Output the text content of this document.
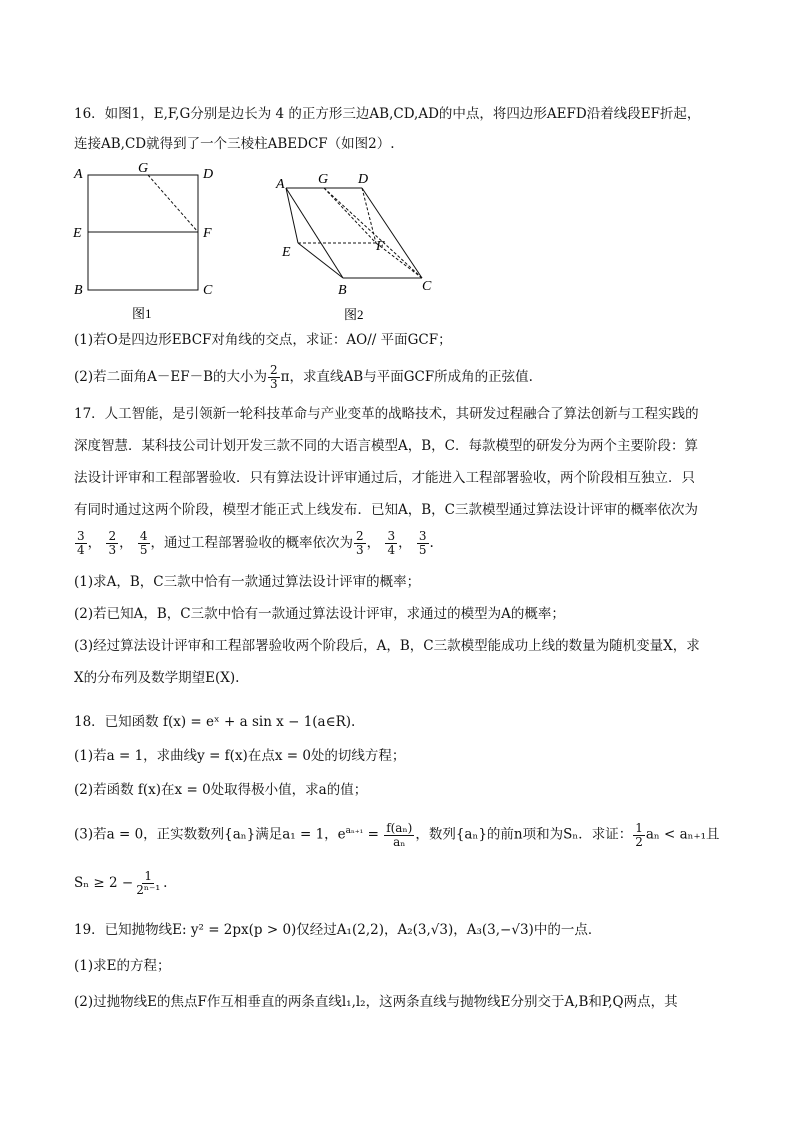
16．如图1，E,F,G分别是边长为 4 的正方形三边AB,CD,AD的中点，将四边形AEFD沿着线段EF折起，
连接AB,CD就得到了一个三棱柱ABEDCF（如图2）.
A	G	D
E	F
B	C
图1
A G D
E	F
B	C
图2
(1)若O是四边形EBCF对角线的交点，求证：AO// 平面GCF；
(2)若二面角A－EF－B的大小为 $\frac{2}{3}$ π，求直线AB与平面GCF所成角的正弦值.
17．人工智能，是引领新一轮科技革命与产业变革的战略技术，其研发过程融合了算法创新与工程实践的
深度智慧．某科技公司计划开发三款不同的大语言模型A，B，C．每款模型的研发分为两个主要阶段：算
法设计评审和工程部署验收．只有算法设计评审通过后，才能进入工程部署验收，两个阶段相互独立．只
有同时通过这两个阶段，模型才能正式上线发布．已知A，B，C三款模型通过算法设计评审的概率依次为
$\frac{3}{4}$ ， $\frac{2}{3}$ ， $\frac{4}{5}$ ，通过工程部署验收的概率依次为 $\frac{2}{3}$ ， $\frac{3}{4}$ ， $\frac{3}{5}$ .
(1)求A，B，C三款中恰有一款通过算法设计评审的概率；
(2)若已知A，B，C三款中恰有一款通过算法设计评审，求通过的模型为A的概率；
(3)经过算法设计评审和工程部署验收两个阶段后，A，B，C三款模型能成功上线的数量为随机变量X，求
X的分布列及数学期望E(X).
18．已知函数 f(x) = eˣ + a sin x − 1(a∈R).
(1)若a = 1，求曲线y = f(x)在点x = 0处的切线方程；
(2)若函数 f(x)在x = 0处取得极小值，求a的值；
(3)若a = 0，正实数数列{aₙ}满足a₁ = 1，$e^{a_{n+1}} = \frac{\text{f(aₙ)}}{\text{aₙ}}$ ，数列{aₙ}的前n项和为Sₙ．求证： $\frac{1}{2}$ aₙ < aₙ₊₁且
$S_n \ge 2 - \frac{1}{\text{2ⁿ⁻¹}}$ .
19．已知抛物线E: y² = 2px(p > 0)仅经过A₁(2,2)，A₂(3,√3)，A₃(3,−√3)中的一点．
(1)求E的方程；
(2)过抛物线E的焦点F作互相垂直的两条直线l₁,l₂，这两条直线与抛物线E分别交于A,B和P,Q两点，其
